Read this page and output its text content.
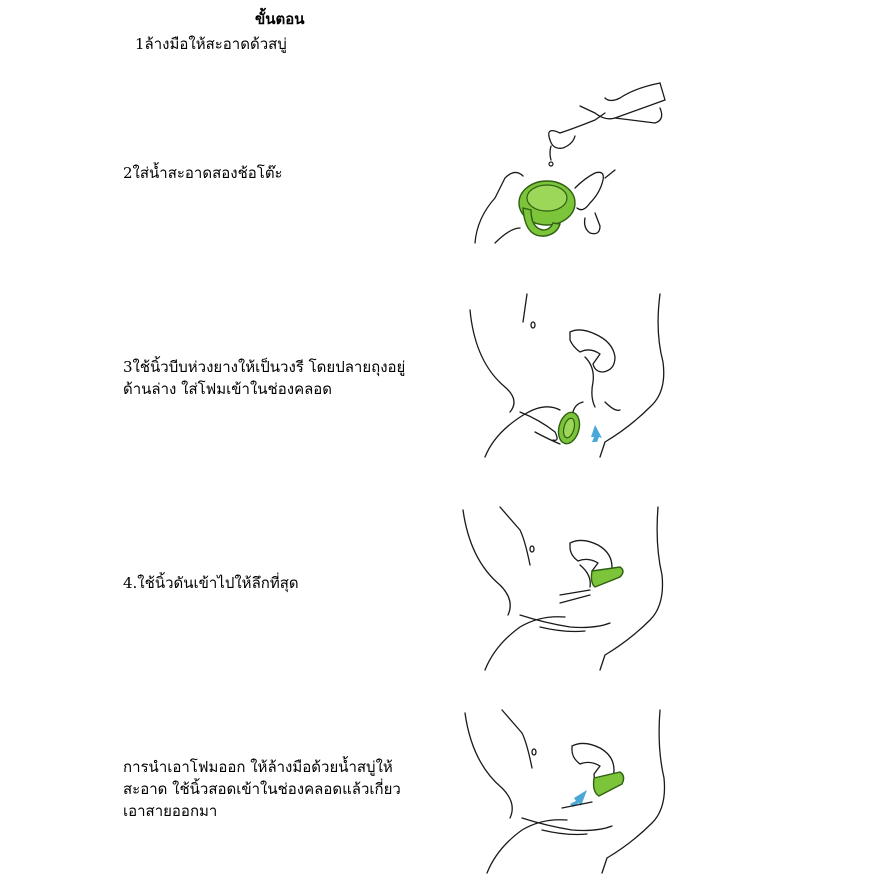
ขั้นตอน
1ล้างมือให้สะอาดด้วสบู่
2ใส่น้ำสะอาดสองช้อโต๊ะ
3ใช้นิ้วบีบห่วงยางให้เป็นวงรี โดยปลายถุงอยู่
ด้านล่าง ใส่โฟมเข้าในช่องคลอด
4.ใช้นิ้วดันเข้าไปให้ลึกที่สุด
การนำเอาโฟมออก ให้ล้างมือด้วยน้ำสบู่ให้
สะอาด ใช้นิ้วสอดเข้าในช่องคลอดแล้วเกี่ยว
เอาสายออกมา
